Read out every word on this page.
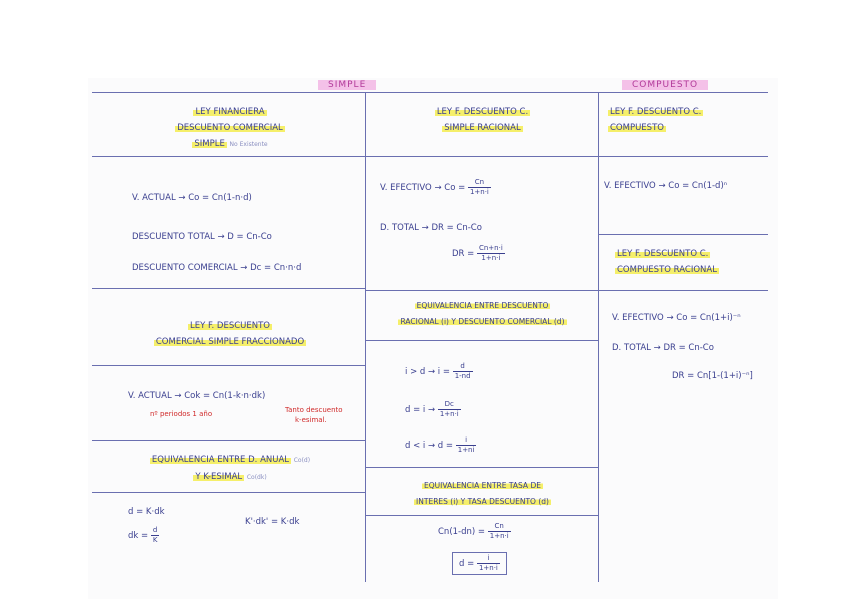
SIMPLE	COMPUESTO
LEY FINANCIERA
DESCUENTO COMERCIAL
SIMPLE No Existente
V. ACTUAL → Co = Cn(1-n·d)
DESCUENTO TOTAL → D = Cn-Co
DESCUENTO COMERCIAL → Dc = Cn·n·d
LEY F. DESCUENTO
COMERCIAL SIMPLE FRACCIONADO
V. ACTUAL → Cok = Cn(1-k·n·dk)
nº periodos 1 año	Tanto descuento
k-esimal.
EQUIVALENCIA ENTRE D. ANUAL Co(d)
Y K-ESIMAL Co(dk)
d = K·dk
dk = $\frac{d}{K}$
K'·dk' = K·dk
LEY F. DESCUENTO C.
SIMPLE RACIONAL
V. EFECTIVO → $Co = \frac{Cn}{1+n\cdot i}$
D. TOTAL → DR = Cn-Co
DR = $\frac{Cn+n\cdot i}{1+n\cdot i}$
EQUIVALENCIA ENTRE DESCUENTO
RACIONAL (i) Y DESCUENTO COMERCIAL (d)
$i > d \to i = \frac{d}{1-nd}$
$d = i \to \frac{Dc}{1+n\cdot i}$
$d < i \to d = \frac{i}{1+ni}$
EQUIVALENCIA ENTRE TASA DE
INTERES (i) Y TASA DESCUENTO (d)
$Cn(1-dn) = \frac{Cn}{1+n\cdot i}$
$d = \frac{i}{1+n\cdot i}$
LEY F. DESCUENTO C.
COMPUESTO
V. EFECTIVO → Co = Cn(1-d)ⁿ
LEY F. DESCUENTO C.
COMPUESTO RACIONAL
V. EFECTIVO → Co = Cn(1+i)⁻ⁿ
D. TOTAL → DR = Cn-Co
DR = Cn[1-(1+i)⁻ⁿ]
